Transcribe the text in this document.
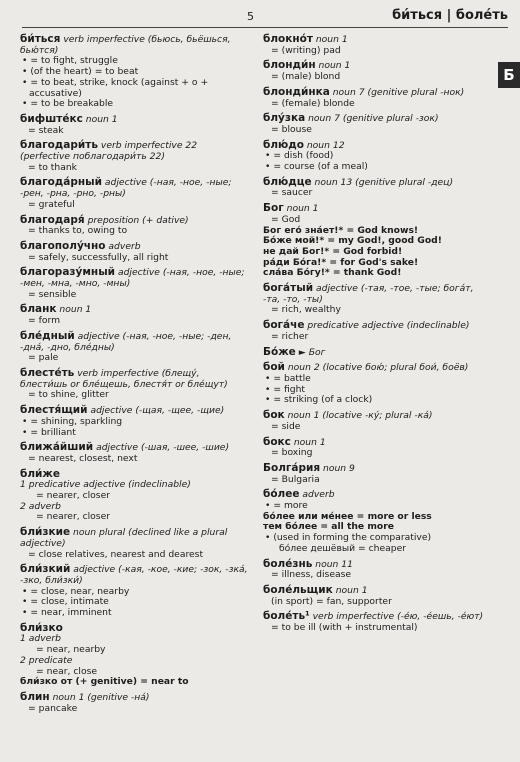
5	би́ться | боле́ть
Б
би́ться verb imperfective (бьюсь, бьёшься, бью́тся)
• = to fight, struggle
• (of the heart) = to beat
• = to beat, strike, knock (against + о + accusative)
• = to be breakable
бифште́кс noun 1
= steak
благодари́ть verb imperfective 22 (perfective поблагодари́ть 22)
= to thank
благода́рный adjective (-ная, -ное, -ные; -рен, -рна, -рно, -рны)
= grateful
благодаря́ preposition (+ dative)
= thanks to, owing to
благополу́чно adverb
= safely, successfully, all right
благоразу́мный adjective (-ная, -ное, -ные; -мен, -мна, -мно, -мны)
= sensible
бланк noun 1
= form
бле́дный adjective (-ная, -ное, -ные; -ден, -дна́, -дно, бле́дны)
= pale
блесте́ть verb imperfective (блещу́, блести́шь or бле́щешь, блестя́т or бле́щут)
= to shine, glitter
блестя́щий adjective (-щая, -щее, -щие)
• = shining, sparkling
• = brilliant
ближа́йший adjective (-шая, -шее, -шие)
= nearest, closest, next
бли́же
1 predicative adjective (indeclinable)
= nearer, closer
2 adverb
= nearer, closer
бли́зкие noun plural (declined like a plural adjective)
= close relatives, nearest and dearest
бли́зкий adjective (-кая, -кое, -кие; -зок, -зка́, -зко, бли́зки́)
• = close, near, nearby
• = close, intimate
• = near, imminent
бли́зко
1 adverb
= near, nearby
2 predicate
= near, close
бли́зко от (+ genitive) = near to
блин noun 1 (genitive -на́)
= pancake
блокно́т noun 1
= (writing) pad
блонди́н noun 1
= (male) blond
блонди́нка noun 7 (genitive plural -нок)
= (female) blonde
блу́зка noun 7 (genitive plural -зок)
= blouse
блю́до noun 12
• = dish (food)
• = course (of a meal)
блю́дце noun 13 (genitive plural -дец)
= saucer
Бог noun 1
= God
Бог его́ зна́ет!* = God knows!
Бо́же мой!* = my God!, good God!
не дай Бог!* = God forbid!
ра́ди Бо́га!* = for God's sake!
сла́ва Бо́гу!* = thank God!
бога́тый adjective (-тая, -тое, -тые; бога́т, -та, -то, -ты)
= rich, wealthy
бога́че predicative adjective (indeclinable)
= richer
Бо́же ► Бог
бой noun 2 (locative бою́; plural бои́, боёв)
• = battle
• = fight
• = striking (of a clock)
бок noun 1 (locative -ку́; plural -ка́)
= side
бокс noun 1
= boxing
Болга́рия noun 9
= Bulgaria
бо́лее adverb
• = more
бо́лее или ме́нее = more or less
тем бо́лее = all the more
• (used in forming the comparative)
бо́лее дешёвый = cheaper
боле́знь noun 11
= illness, disease
боле́льщик noun 1
(in sport) = fan, supporter
боле́ть¹ verb imperfective (-е́ю, -е́ешь, -е́ют)
= to be ill (with + instrumental)
